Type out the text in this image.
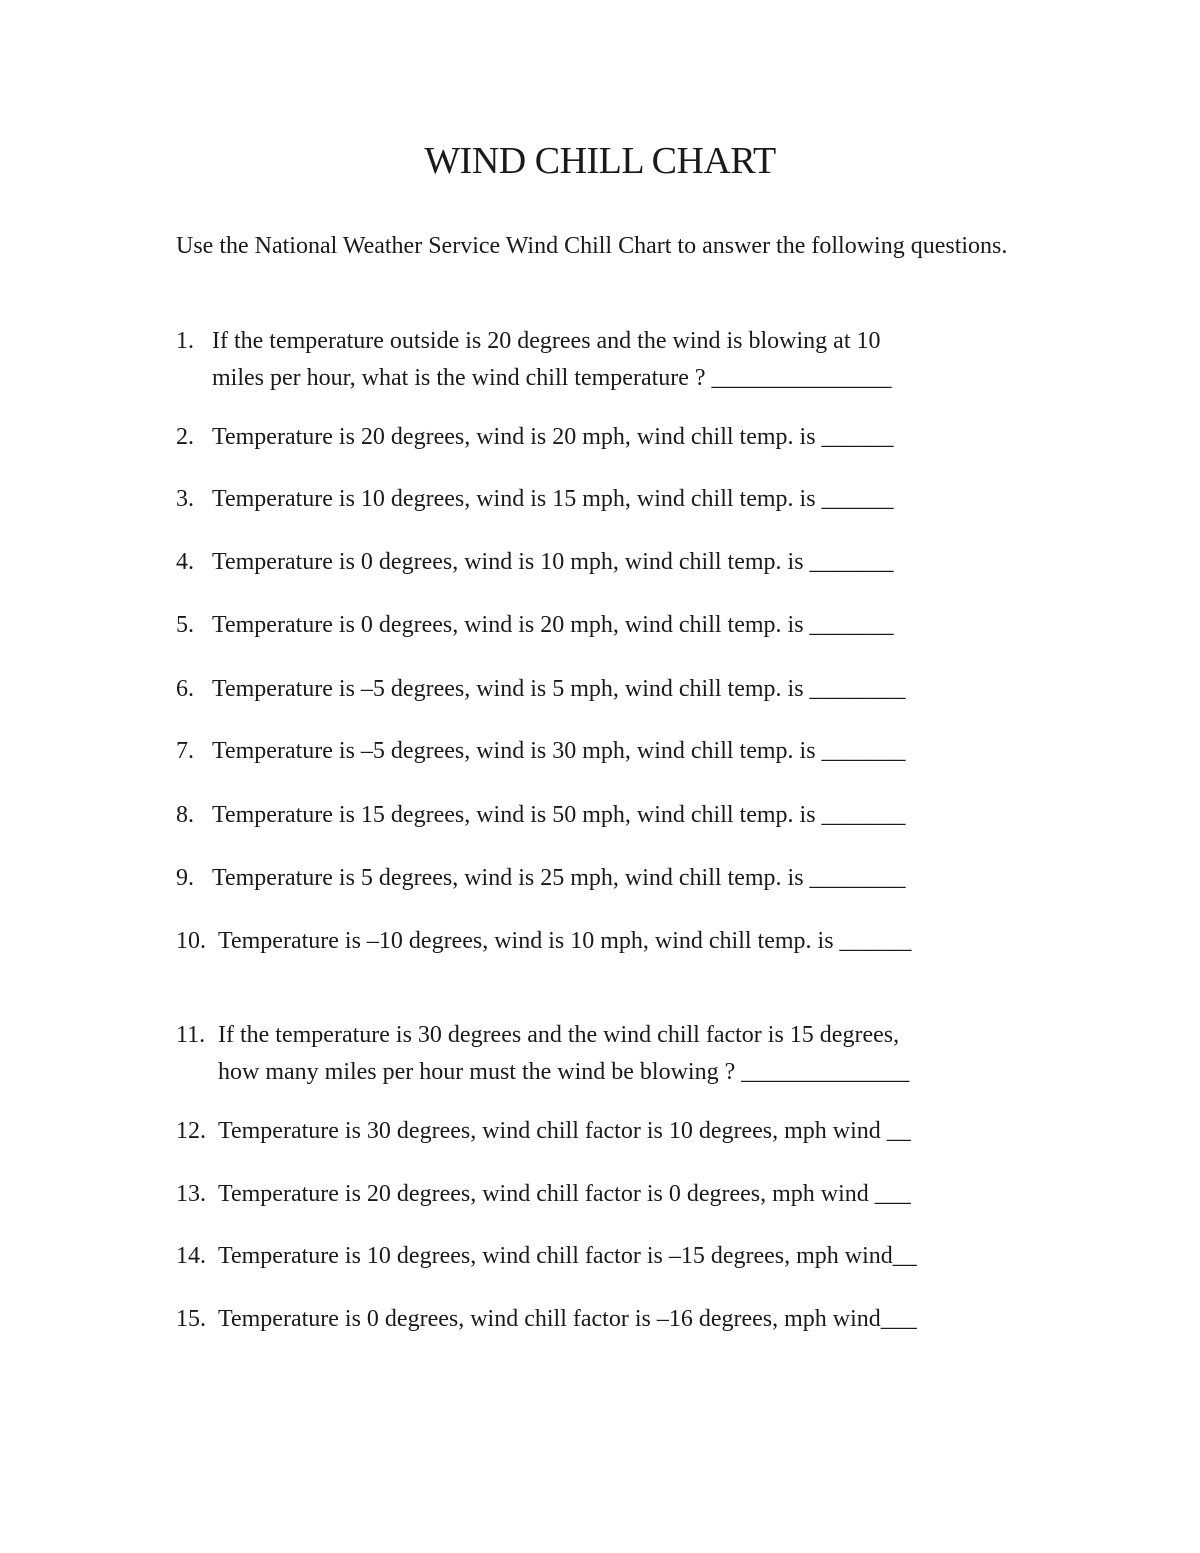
WIND CHILL CHART

Use the National Weather Service Wind Chill Chart to answer the following questions.

1. If the temperature outside is 20 degrees and the wind is blowing at 10
miles per hour, what is the wind chill temperature ? _______________
2. Temperature is 20 degrees, wind is 20 mph, wind chill temp. is ______
3. Temperature is 10 degrees, wind is 15 mph, wind chill temp. is ______
4. Temperature is 0 degrees, wind is 10 mph, wind chill temp. is _______
5. Temperature is 0 degrees, wind is 20 mph, wind chill temp. is _______
6. Temperature is –5 degrees, wind is 5 mph, wind chill temp. is ________
7. Temperature is –5 degrees, wind is 30 mph, wind chill temp. is _______
8. Temperature is 15 degrees, wind is 50 mph, wind chill temp. is _______
9. Temperature is 5 degrees, wind is 25 mph, wind chill temp. is ________
10. Temperature is –10 degrees, wind is 10 mph, wind chill temp. is ______
11. If the temperature is 30 degrees and the wind chill factor is 15 degrees,
how many miles per hour must the wind be blowing ? ______________
12. Temperature is 30 degrees, wind chill factor is 10 degrees, mph wind __
13. Temperature is 20 degrees, wind chill factor is 0 degrees, mph wind ___
14. Temperature is 10 degrees, wind chill factor is –15 degrees, mph wind__
15. Temperature is 0 degrees, wind chill factor is –16 degrees, mph wind___
